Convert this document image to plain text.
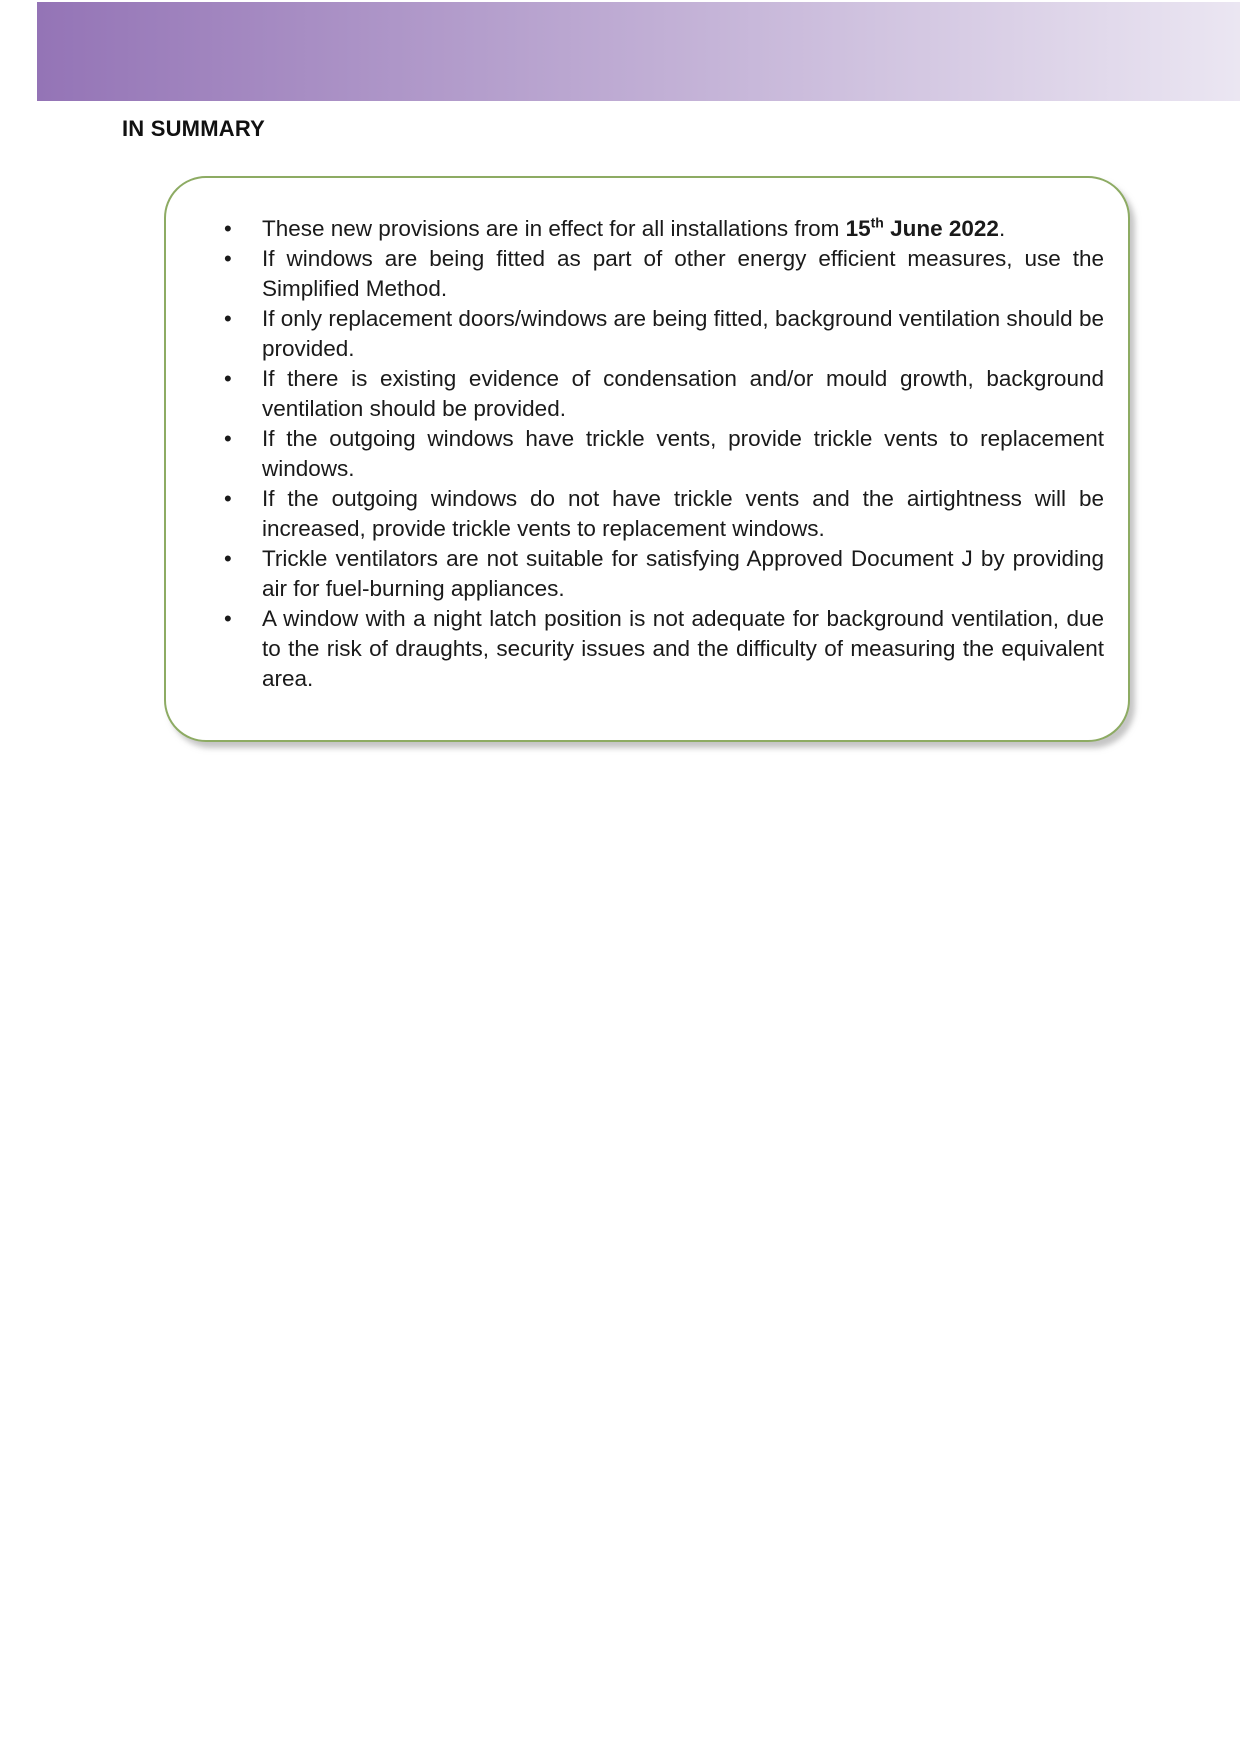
IN SUMMARY
• These new provisions are in effect for all installations from 15th June 2022.
• If windows are being fitted as part of other energy efficient measures, use the Simplified Method.
• If only replacement doors/windows are being fitted, background ventilation should be provided.
• If there is existing evidence of condensation and/or mould growth, background ventilation should be provided.
• If the outgoing windows have trickle vents, provide trickle vents to replacement windows.
• If the outgoing windows do not have trickle vents and the airtightness will be increased, provide trickle vents to replacement windows.
• Trickle ventilators are not suitable for satisfying Approved Document J by providing air for fuel-burning appliances.
• A window with a night latch position is not adequate for background ventilation, due to the risk of draughts, security issues and the difficulty of measuring the equivalent area.
